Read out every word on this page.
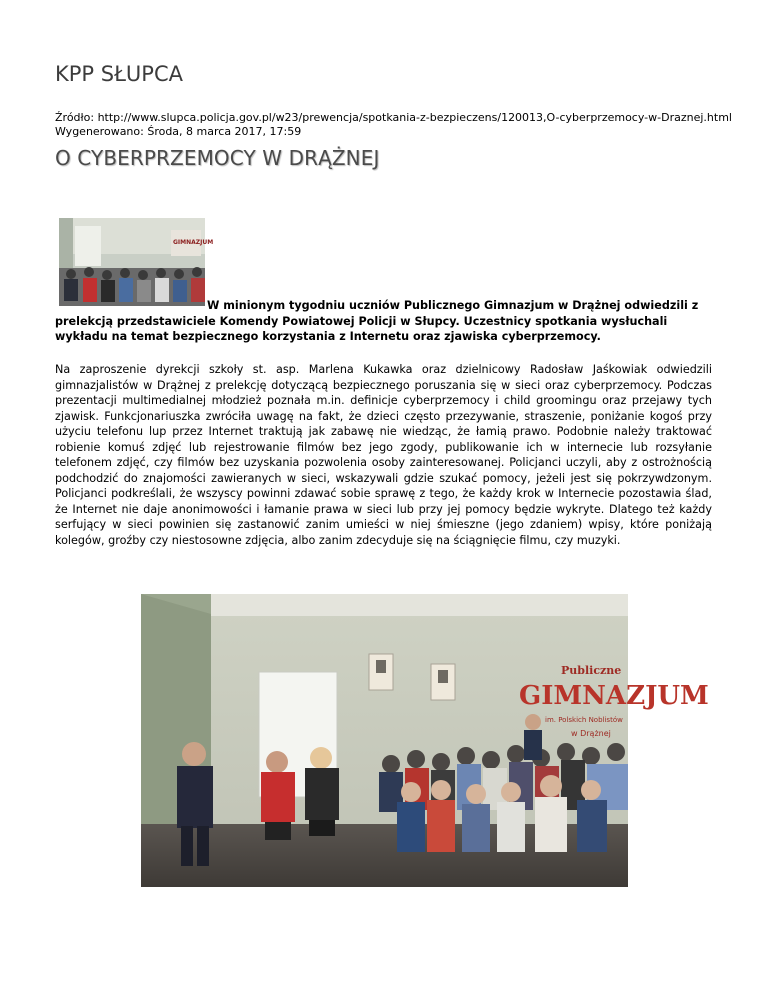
KPP SŁUPCA
Źródło: http://www.slupca.policja.gov.pl/w23/prewencja/spotkania-z-bezpieczens/120013,O-cyberprzemocy-w-Draznej.html
Wygenerowano: Środa, 8 marca 2017, 17:59
O CYBERPRZEMOCY W DRĄŻNEJ
GIMNAZJUM

W minionym tygodniu uczniów Publicznego Gimnazjum w Drążnej odwiedzili z prelekcją przedstawiciele Komendy Powiatowej Policji w Słupcy. Uczestnicy spotkania wysłuchali wykładu na temat bezpiecznego korzystania z Internetu oraz zjawiska cyberprzemocy.

Na zaproszenie dyrekcji szkoły st. asp. Marlena Kukawka oraz dzielnicowy Radosław Jaśkowiak odwiedzili gimnazjalistów w Drążnej z prelekcję dotyczącą bezpiecznego poruszania się w sieci oraz cyberprzemocy. Podczas prezentacji multimedialnej młodzież poznała m.in. definicje cyberprzemocy i child groomingu oraz przejawy tych zjawisk. Funkcjonariuszka zwróciła uwagę na fakt, że dzieci często przezywanie, straszenie, poniżanie kogoś przy użyciu telefonu lup przez Internet traktują jak zabawę nie wiedząc, że łamią prawo. Podobnie należy traktować robienie komuś zdjęć lub rejestrowanie filmów bez jego zgody, publikowanie ich w internecie lub rozsyłanie telefonem zdjęć, czy filmów bez uzyskania pozwolenia osoby zainteresowanej. Policjanci uczyli, aby z ostrożnością podchodzić do znajomości zawieranych w sieci, wskazywali gdzie szukać pomocy, jeżeli jest się pokrzywdzonym. Policjanci podkreślali, że wszyscy powinni zdawać sobie sprawę z tego, że każdy krok w Internecie pozostawia ślad, że Internet nie daje anonimowości i łamanie prawa w sieci lub przy jej pomocy będzie wykryte. Dlatego też każdy serfujący w sieci powinien się zastanowić zanim umieści w niej śmieszne (jego zdaniem) wpisy, które poniżają kolegów, groźby czy niestosowne zdjęcia, albo zanim zdecyduje się na ściągnięcie filmu, czy muzyki.

Publiczne
GIMNAZJUM
im. Polskich Noblistów
w Drążnej
